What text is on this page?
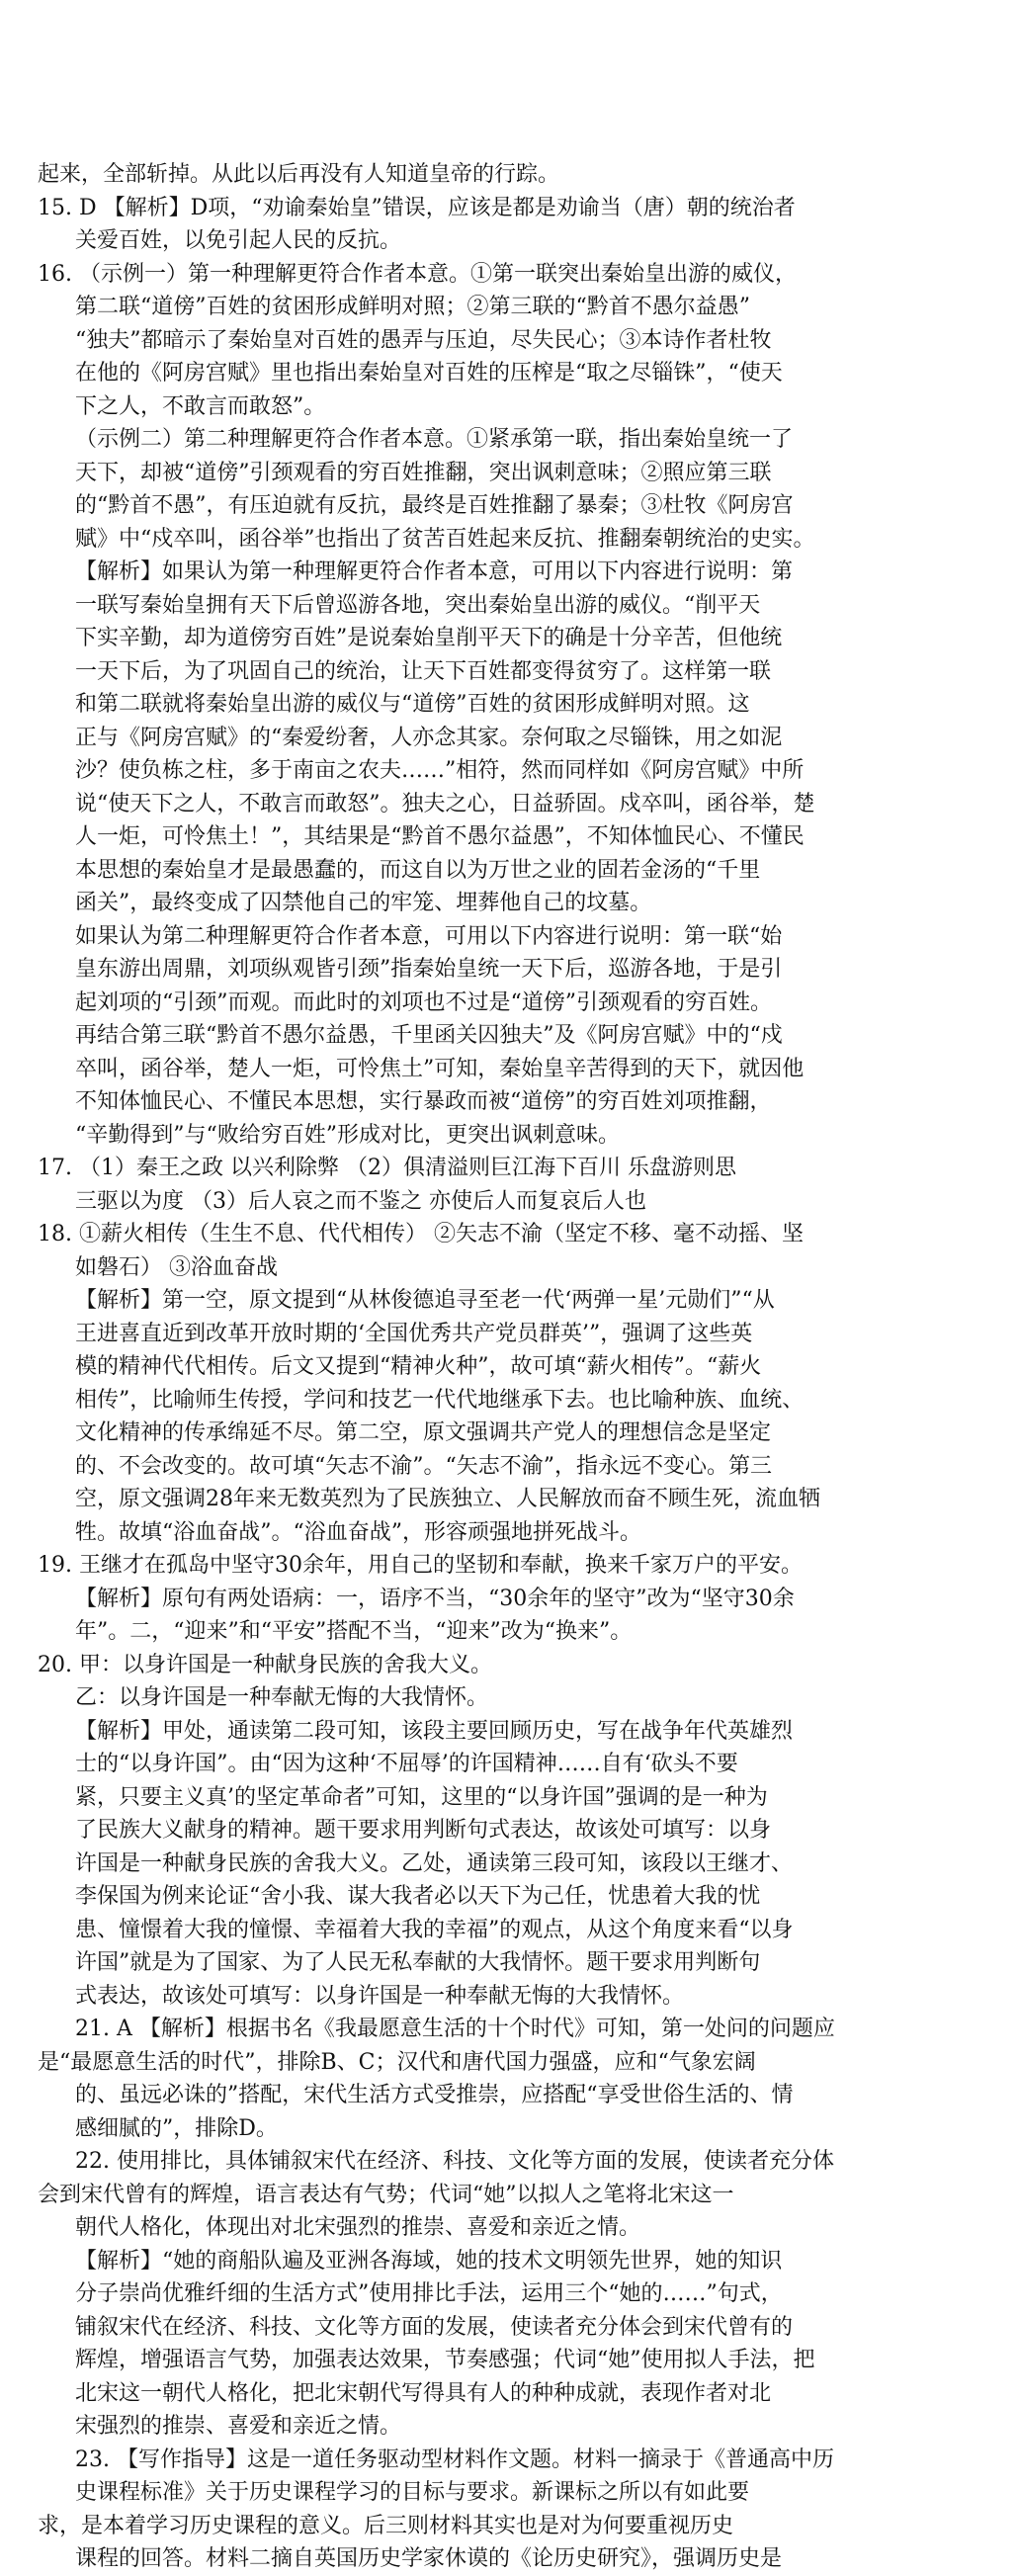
起来，全部斩掉。从此以后再没有人知道皇帝的行踪。
15. D 【解析】D项，“劝谕秦始皇”错误，应该是都是劝谕当（唐）朝的统治者
关爱百姓，以免引起人民的反抗。
16. （示例一）第一种理解更符合作者本意。①第一联突出秦始皇出游的威仪，
第二联“道傍”百姓的贫困形成鲜明对照；②第三联的“黔首不愚尔益愚”
“独夫”都暗示了秦始皇对百姓的愚弄与压迫，尽失民心；③本诗作者杜牧
在他的《阿房宫赋》里也指出秦始皇对百姓的压榨是“取之尽锱铢”，“使天
下之人，不敢言而敢怒”。
（示例二）第二种理解更符合作者本意。①紧承第一联，指出秦始皇统一了
天下，却被“道傍”引颈观看的穷百姓推翻，突出讽刺意味；②照应第三联
的“黔首不愚”，有压迫就有反抗，最终是百姓推翻了暴秦；③杜牧《阿房宫
赋》中“戍卒叫，函谷举”也指出了贫苦百姓起来反抗、推翻秦朝统治的史实。
【解析】如果认为第一种理解更符合作者本意，可用以下内容进行说明：第
一联写秦始皇拥有天下后曾巡游各地，突出秦始皇出游的威仪。“削平天
下实辛勤，却为道傍穷百姓”是说秦始皇削平天下的确是十分辛苦，但他统
一天下后，为了巩固自己的统治，让天下百姓都变得贫穷了。这样第一联
和第二联就将秦始皇出游的威仪与“道傍”百姓的贫困形成鲜明对照。这
正与《阿房宫赋》的“秦爱纷奢，人亦念其家。奈何取之尽锱铢，用之如泥
沙？使负栋之柱，多于南亩之农夫……”相符，然而同样如《阿房宫赋》中所
说“使天下之人，不敢言而敢怒”。独夫之心，日益骄固。戍卒叫，函谷举，楚
人一炬，可怜焦土！”，其结果是“黔首不愚尔益愚”，不知体恤民心、不懂民
本思想的秦始皇才是最愚蠢的，而这自以为万世之业的固若金汤的“千里
函关”，最终变成了囚禁他自己的牢笼、埋葬他自己的坟墓。
如果认为第二种理解更符合作者本意，可用以下内容进行说明：第一联“始
皇东游出周鼎，刘项纵观皆引颈”指秦始皇统一天下后，巡游各地，于是引
起刘项的“引颈”而观。而此时的刘项也不过是“道傍”引颈观看的穷百姓。
再结合第三联“黔首不愚尔益愚，千里函关囚独夫”及《阿房宫赋》中的“戍
卒叫，函谷举，楚人一炬，可怜焦土”可知，秦始皇辛苦得到的天下，就因他
不知体恤民心、不懂民本思想，实行暴政而被“道傍”的穷百姓刘项推翻，
“辛勤得到”与“败给穷百姓”形成对比，更突出讽刺意味。
17. （1）秦王之政 以兴利除弊 （2）俱清溢则巨江海下百川 乐盘游则思
三驱以为度 （3）后人哀之而不鉴之 亦使后人而复哀后人也
18. ①薪火相传（生生不息、代代相传） ②矢志不渝（坚定不移、毫不动摇、坚
如磐石） ③浴血奋战
【解析】第一空，原文提到“从林俊德追寻至老一代‘两弹一星’元勋们”“从
王进喜直近到改革开放时期的‘全国优秀共产党员群英’”，强调了这些英
模的精神代代相传。后文又提到“精神火种”，故可填“薪火相传”。“薪火
相传”，比喻师生传授，学问和技艺一代代地继承下去。也比喻种族、血统、
文化精神的传承绵延不尽。第二空，原文强调共产党人的理想信念是坚定
的、不会改变的。故可填“矢志不渝”。“矢志不渝”，指永远不变心。第三
空，原文强调28年来无数英烈为了民族独立、人民解放而奋不顾生死，流血牺
牲。故填“浴血奋战”。“浴血奋战”，形容顽强地拼死战斗。
19. 王继才在孤岛中坚守30余年，用自己的坚韧和奉献，换来千家万户的平安。
【解析】原句有两处语病：一，语序不当，“30余年的坚守”改为“坚守30余
年”。二，“迎来”和“平安”搭配不当，“迎来”改为“换来”。
20. 甲：以身许国是一种献身民族的舍我大义。
乙：以身许国是一种奉献无悔的大我情怀。
【解析】甲处，通读第二段可知，该段主要回顾历史，写在战争年代英雄烈
士的“以身许国”。由“因为这种‘不屈辱’的许国精神……自有‘砍头不要
紧，只要主义真’的坚定革命者”可知，这里的“以身许国”强调的是一种为
了民族大义献身的精神。题干要求用判断句式表达，故该处可填写：以身
许国是一种献身民族的舍我大义。乙处，通读第三段可知，该段以王继才、
李保国为例来论证“舍小我、谋大我者必以天下为己任，忧患着大我的忧
患、憧憬着大我的憧憬、幸福着大我的幸福”的观点，从这个角度来看“以身
许国”就是为了国家、为了人民无私奉献的大我情怀。题干要求用判断句
式表达，故该处可填写：以身许国是一种奉献无悔的大我情怀。
21. A 【解析】根据书名《我最愿意生活的十个时代》可知，第一处问的问题应
是“最愿意生活的时代”，排除B、C；汉代和唐代国力强盛，应和“气象宏阔
的、虽远必诛的”搭配，宋代生活方式受推崇，应搭配“享受世俗生活的、情
感细腻的”，排除D。
22. 使用排比，具体铺叙宋代在经济、科技、文化等方面的发展，使读者充分体
会到宋代曾有的辉煌，语言表达有气势；代词“她”以拟人之笔将北宋这一
朝代人格化，体现出对北宋强烈的推崇、喜爱和亲近之情。
【解析】“她的商船队遍及亚洲各海域，她的技术文明领先世界，她的知识
分子崇尚优雅纤细的生活方式”使用排比手法，运用三个“她的……”句式，
铺叙宋代在经济、科技、文化等方面的发展，使读者充分体会到宋代曾有的
辉煌，增强语言气势，加强表达效果，节奏感强；代词“她”使用拟人手法，把
北宋这一朝代人格化，把北宋朝代写得具有人的种种成就，表现作者对北
宋强烈的推崇、喜爱和亲近之情。
23. 【写作指导】这是一道任务驱动型材料作文题。材料一摘录于《普通高中历
史课程标准》关于历史课程学习的目标与要求。新课标之所以有如此要
求，是本着学习历史课程的意义。后三则材料其实也是对为何要重视历史
课程的回答。材料二摘自英国历史学家休谟的《论历史研究》，强调历史是
